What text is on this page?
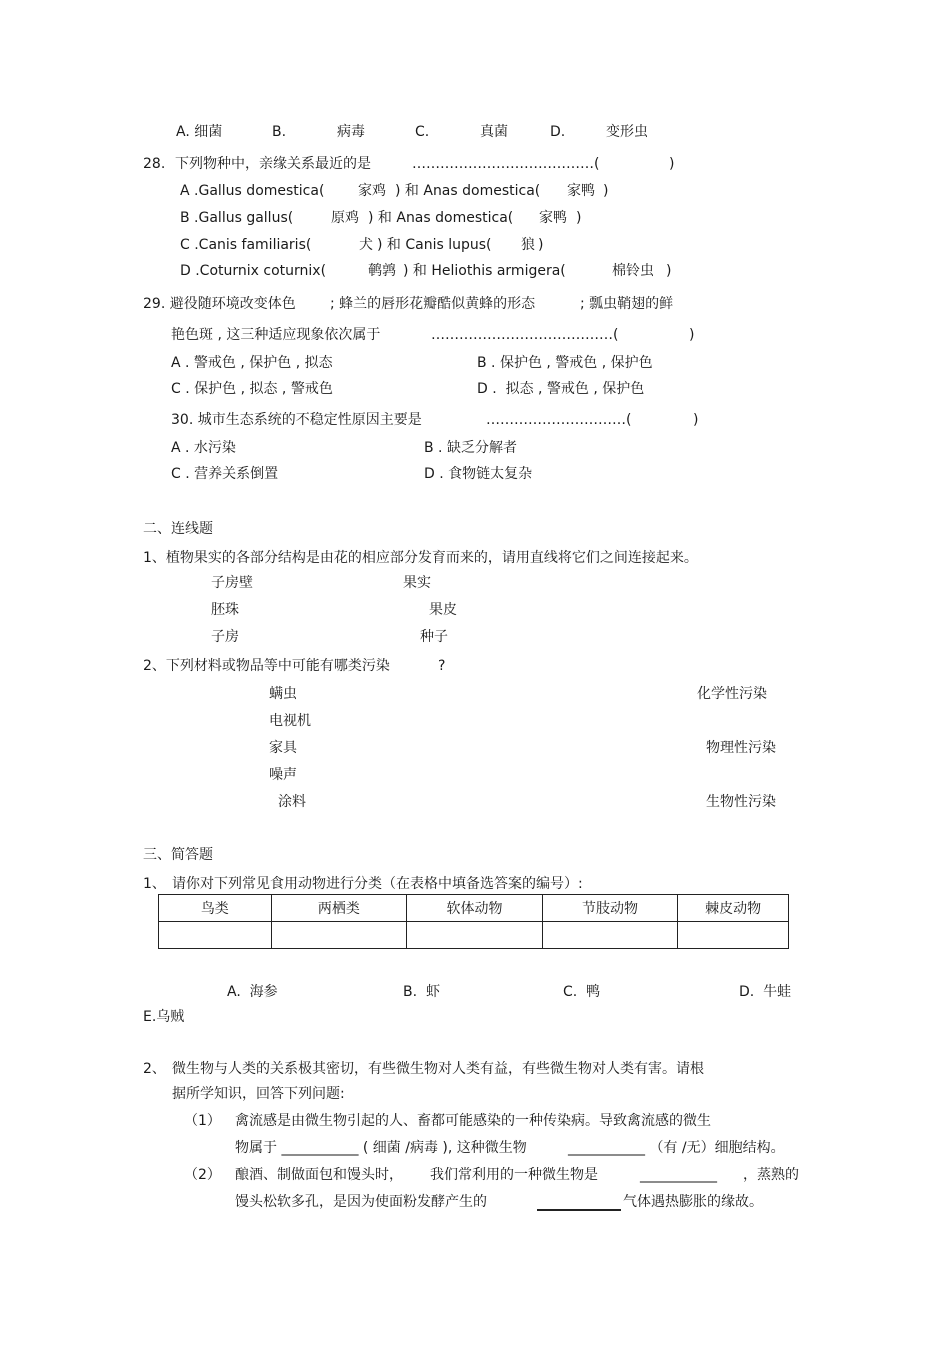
A. 细菌	B.	病毒	C.	真菌	D.	变形虫
28. 下列物种中，亲缘关系最近的是	…………………………………(	)
A .Gallus domestica( 家鸡 ) 和 Anas domestica( 家鸭 )
B .Gallus gallus(	原鸡 ) 和 Anas domestica( 家鸭 )
C .Canis familiaris(	犬 ) 和 Canis lupus( 狼 )
D .Coturnix coturnix(	鹌鹑 ) 和 Heliothis armigera(	棉铃虫 )
29. 避役随环境改变体色 ; 蜂兰的唇形花瓣酷似黄蜂的形态	; 瓢虫鞘翅的鲜
艳色斑 , 这三种适应现象依次属于	…………………………………(	)
A . 警戒色 , 保护色 , 拟态	B . 保护色 , 警戒色 , 保护色
C . 保护色 , 拟态 , 警戒色	D .  拟态 , 警戒色 , 保护色
30. 城市生态系统的不稳定性原因主要是	…………………………(	)
A . 水污染	B . 缺乏分解者
C . 营养关系倒置	D . 食物链太复杂
二、连线题
1、植物果实的各部分结构是由花的相应部分发育而来的，请用直线将它们之间连接起来。
子房壁
胚珠
子房
果实
果皮
种子
2、下列材料或物品等中可能有哪类污染	?
螨虫
电视机
家具
噪声
涂料
化学性污染
物理性污染
生物性污染
三、简答题
1、 请你对下列常见食用动物进行分类（在表格中填备选答案的编号）:
鸟类	两栖类	软体动物	节肢动物	棘皮动物

A.  海参	B.  虾	C.  鸭	D.  牛蛙
E.乌贼
2、 微生物与人类的关系极其密切，有些微生物对人类有益，有些微生物对人类有害。请根
据所学知识，回答下列问题:
（1） 禽流感是由微生物引起的人、畜都可能感染的一种传染病。导致禽流感的微生
物属于 ___________ ( 细菌 /病毒 ), 这种微生物	___________ （有 /无）细胞结构。
（2） 酿酒、制做面包和馒头时， 我们常利用的一种微生物是	___________ ，蒸熟的
馒头松软多孔，是因为使面粉发酵产生的	气体遇热膨胀的缘故。
